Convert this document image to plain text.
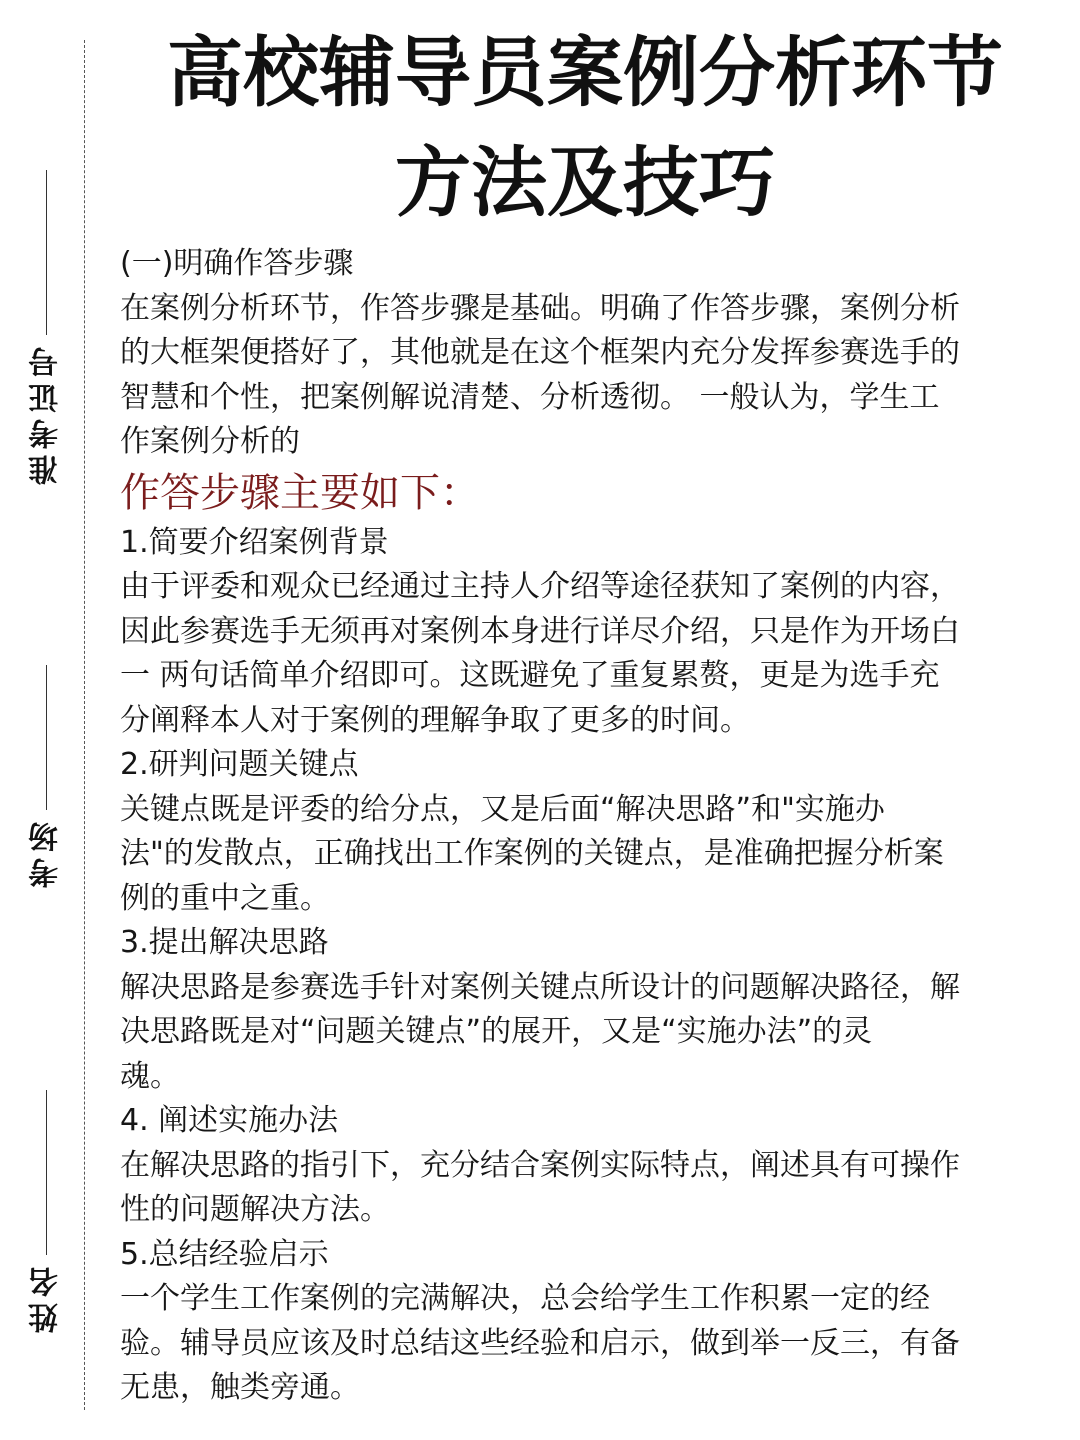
准考证号
考场
姓名
高校辅导员案例分析环节
方法及技巧

(一)明确作答步骤

在案例分析环节，作答步骤是基础。明确了作答步骤，案例分析

的大框架便搭好了，其他就是在这个框架内充分发挥参赛选手的

智慧和个性，把案例解说清楚、分析透彻。 一般认为，学生工

作案例分析的

作答步骤主要如下：

1.简要介绍案例背景

由于评委和观众已经通过主持人介绍等途径获知了案例的内容，

因此参赛选手无须再对案例本身进行详尽介绍，只是作为开场白

一 两句话简单介绍即可。这既避免了重复累赘，更是为选手充

分阐释本人对于案例的理解争取了更多的时间。

2.研判问题关键点

关键点既是评委的给分点，又是后面“解决思路”和"实施办

法"的发散点，正确找出工作案例的关键点，是准确把握分析案

例的重中之重。

3.提出解决思路

解决思路是参赛选手针对案例关键点所设计的问题解决路径，解

决思路既是对“问题关键点”的展开，又是“实施办法”的灵

魂。

4. 阐述实施办法

在解决思路的指引下，充分结合案例实际特点，阐述具有可操作

性的问题解决方法。

5.总结经验启示

一个学生工作案例的完满解决，总会给学生工作积累一定的经

验。辅导员应该及时总结这些经验和启示，做到举一反三，有备

无患，触类旁通。
